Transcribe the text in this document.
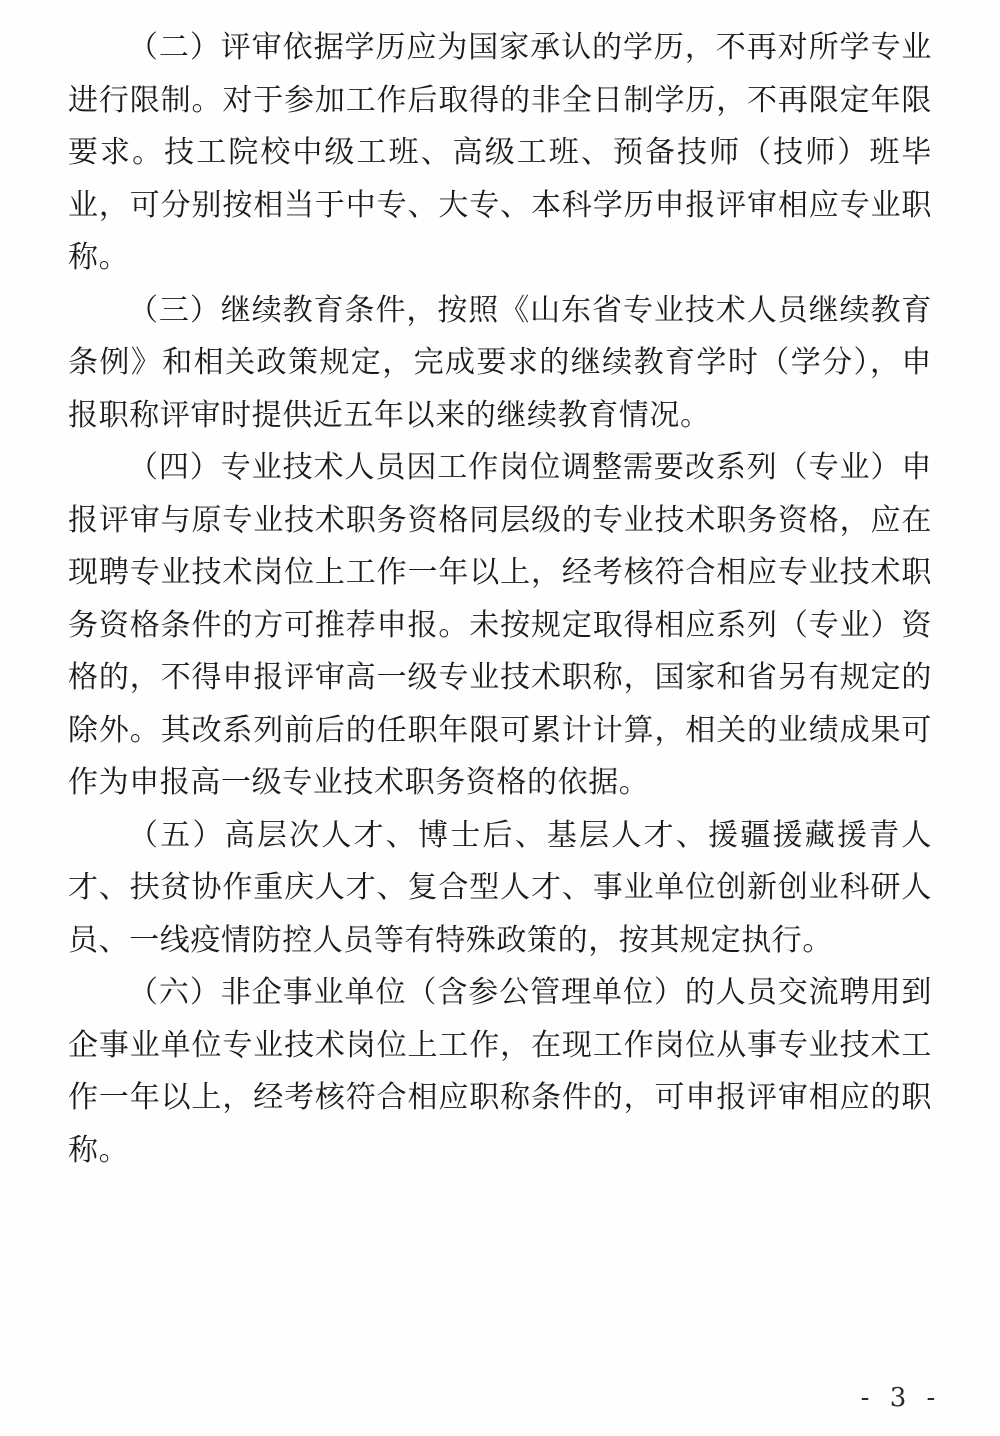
（二）评审依据学历应为国家承认的学历，不再对所学专业进行限制。对于参加工作后取得的非全日制学历，不再限定年限要求。技工院校中级工班、高级工班、预备技师（技师）班毕业，可分别按相当于中专、大专、本科学历申报评审相应专业职称。

（三）继续教育条件，按照《山东省专业技术人员继续教育条例》和相关政策规定，完成要求的继续教育学时（学分），申报职称评审时提供近五年以来的继续教育情况。

（四）专业技术人员因工作岗位调整需要改系列（专业）申报评审与原专业技术职务资格同层级的专业技术职务资格，应在现聘专业技术岗位上工作一年以上，经考核符合相应专业技术职务资格条件的方可推荐申报。未按规定取得相应系列（专业）资格的，不得申报评审高一级专业技术职称，国家和省另有规定的除外。其改系列前后的任职年限可累计计算，相关的业绩成果可作为申报高一级专业技术职务资格的依据。

（五）高层次人才、博士后、基层人才、援疆援藏援青人才、扶贫协作重庆人才、复合型人才、事业单位创新创业科研人员、一线疫情防控人员等有特殊政策的，按其规定执行。

（六）非企事业单位（含参公管理单位）的人员交流聘用到企事业单位专业技术岗位上工作，在现工作岗位从事专业技术工作一年以上，经考核符合相应职称条件的，可申报评审相应的职称。

- 3 -
